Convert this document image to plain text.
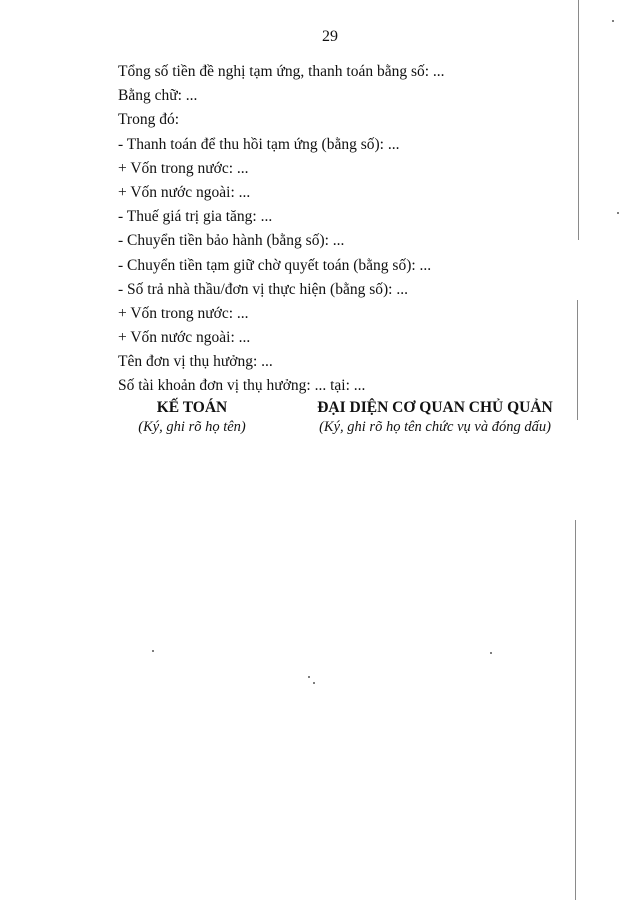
29
Tổng số tiền đề nghị tạm ứng, thanh toán bằng số: ...
Bằng chữ: ...
Trong đó:
- Thanh toán để thu hồi tạm ứng (bằng số): ...
+ Vốn trong nước: ...
+ Vốn nước ngoài: ...
- Thuế giá trị gia tăng: ...
- Chuyển tiền bảo hành (bằng số): ...
- Chuyển tiền tạm giữ chờ quyết toán (bằng số): ...
- Số trả nhà thầu/đơn vị thực hiện (bằng số): ...
+ Vốn trong nước: ...
+ Vốn nước ngoài: ...
Tên đơn vị thụ hưởng: ...
Số tài khoản đơn vị thụ hưởng: ... tại: ...
KẾ TOÁN
(Ký, ghi rõ họ tên)
ĐẠI DIỆN CƠ QUAN CHỦ QUẢN
(Ký, ghi rõ họ tên chức vụ và đóng dấu)
